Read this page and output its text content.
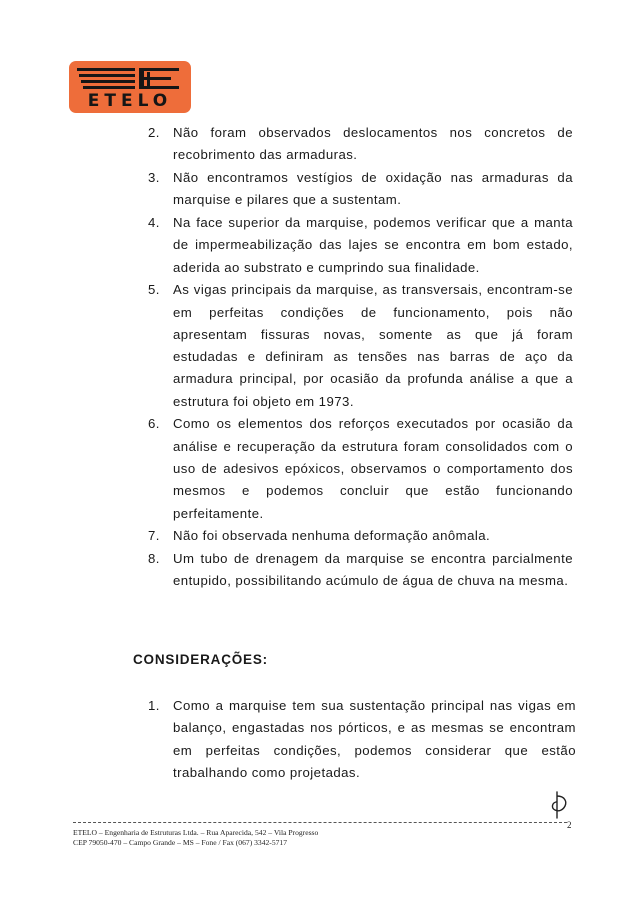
ETELO
2. Não foram observados deslocamentos nos concretos de recobrimento das armaduras.
3. Não encontramos vestígios de oxidação nas armaduras da marquise e pilares que a sustentam.
4. Na face superior da marquise, podemos verificar que a manta de impermeabilização das lajes se encontra em bom estado, aderida ao substrato e cumprindo sua finalidade.
5. As vigas principais da marquise, as transversais, encontram-se em perfeitas condições de funcionamento, pois não apresentam fissuras novas, somente as que já foram estudadas e definiram as tensões nas barras de aço da armadura principal, por ocasião da profunda análise a que a estrutura foi objeto em 1973.
6. Como os elementos dos reforços executados por ocasião da análise e recuperação da estrutura foram consolidados com o uso de adesivos epóxicos, observamos o comportamento dos mesmos e podemos concluir que estão funcionando perfeitamente.
7. Não foi observada nenhuma deformação anômala.
8. Um tubo de drenagem da marquise se encontra parcialmente entupido, possibilitando acúmulo de água de chuva na mesma.
CONSIDERAÇÕES:
1. Como a marquise tem sua sustentação principal nas vigas em balanço, engastadas nos pórticos, e as mesmas se encontram em perfeitas condições, podemos considerar que estão trabalhando como projetadas.
2
ETELO – Engenharia de Estruturas Ltda. – Rua Aparecida, 542 – Vila Progresso
CEP 79050-470 – Campo Grande – MS – Fone / Fax (067) 3342-5717
